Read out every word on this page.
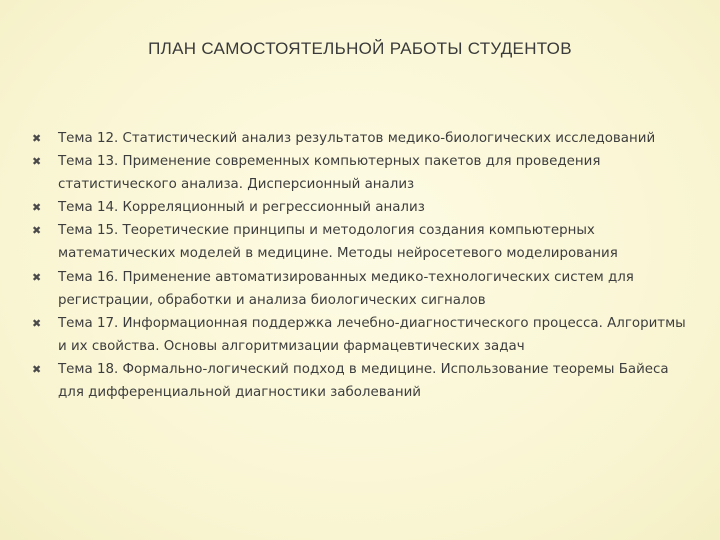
ПЛАН САМОСТОЯТЕЛЬНОЙ РАБОТЫ СТУДЕНТОВ
✖ Тема 12. Статистический анализ результатов медико-биологических исследований
✖ Тема 13. Применение современных компьютерных пакетов для проведения статистического анализа. Дисперсионный анализ
✖ Тема 14. Корреляционный и регрессионный анализ
✖ Тема 15. Теоретические принципы и методология создания компьютерных математических моделей в медицине. Методы нейросетевого моделирования
✖ Тема 16. Применение автоматизированных медико-технологических систем для регистрации, обработки и анализа биологических сигналов
✖ Тема 17. Информационная поддержка лечебно-диагностического процесса. Алгоритмы и их свойства. Основы алгоритмизации фармацевтических задач
✖ Тема 18. Формально-логический подход в медицине. Использование теоремы Байеса для дифференциальной диагностики заболеваний
